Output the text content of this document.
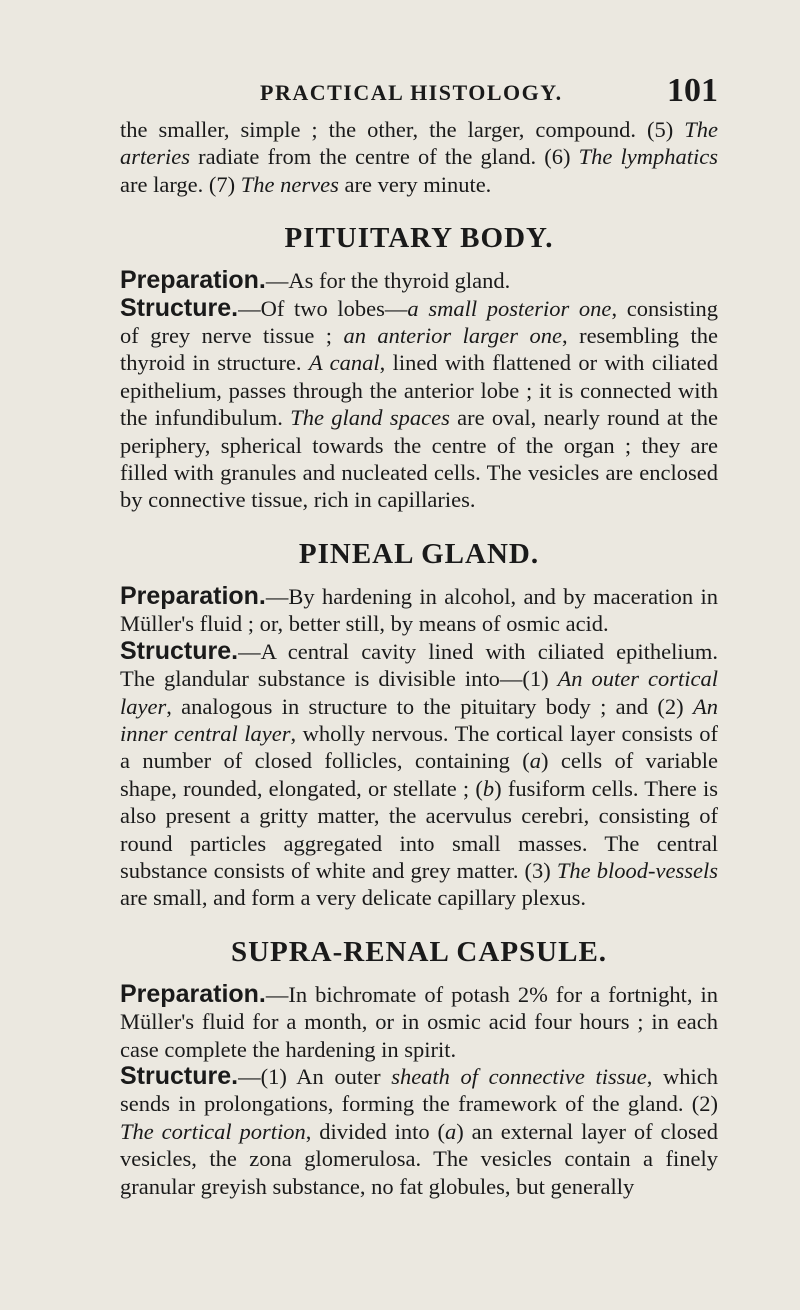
PRACTICAL HISTOLOGY.	101

the smaller, simple ; the other, the larger, compound. (5) The arteries radiate from the centre of the gland. (6) The lymphatics are large. (7) The nerves are very minute.

PITUITARY BODY.

Preparation.—As for the thyroid gland.

Structure.—Of two lobes—a small posterior one, consisting of grey nerve tissue ; an anterior larger one, resembling the thyroid in structure. A canal, lined with flattened or with ciliated epithelium, passes through the anterior lobe ; it is connected with the infundibulum. The gland spaces are oval, nearly round at the periphery, spherical towards the centre of the organ ; they are filled with granules and nucleated cells. The vesicles are enclosed by connective tissue, rich in capillaries.

PINEAL GLAND.

Preparation.—By hardening in alcohol, and by maceration in Müller's fluid ; or, better still, by means of osmic acid.

Structure.—A central cavity lined with ciliated epithelium. The glandular substance is divisible into—(1) An outer cortical layer, analogous in structure to the pituitary body ; and (2) An inner central layer, wholly nervous. The cortical layer consists of a number of closed follicles, containing (a) cells of variable shape, rounded, elongated, or stellate ; (b) fusiform cells. There is also present a gritty matter, the acervulus cerebri, consisting of round particles aggregated into small masses. The central substance consists of white and grey matter. (3) The blood-vessels are small, and form a very delicate capillary plexus.

SUPRA-RENAL CAPSULE.

Preparation.—In bichromate of potash 2% for a fortnight, in Müller's fluid for a month, or in osmic acid four hours ; in each case complete the hardening in spirit.

Structure.—(1) An outer sheath of connective tissue, which sends in prolongations, forming the framework of the gland. (2) The cortical portion, divided into (a) an external layer of closed vesicles, the zona glomerulosa. The vesicles contain a finely granular greyish substance, no fat globules, but generally
